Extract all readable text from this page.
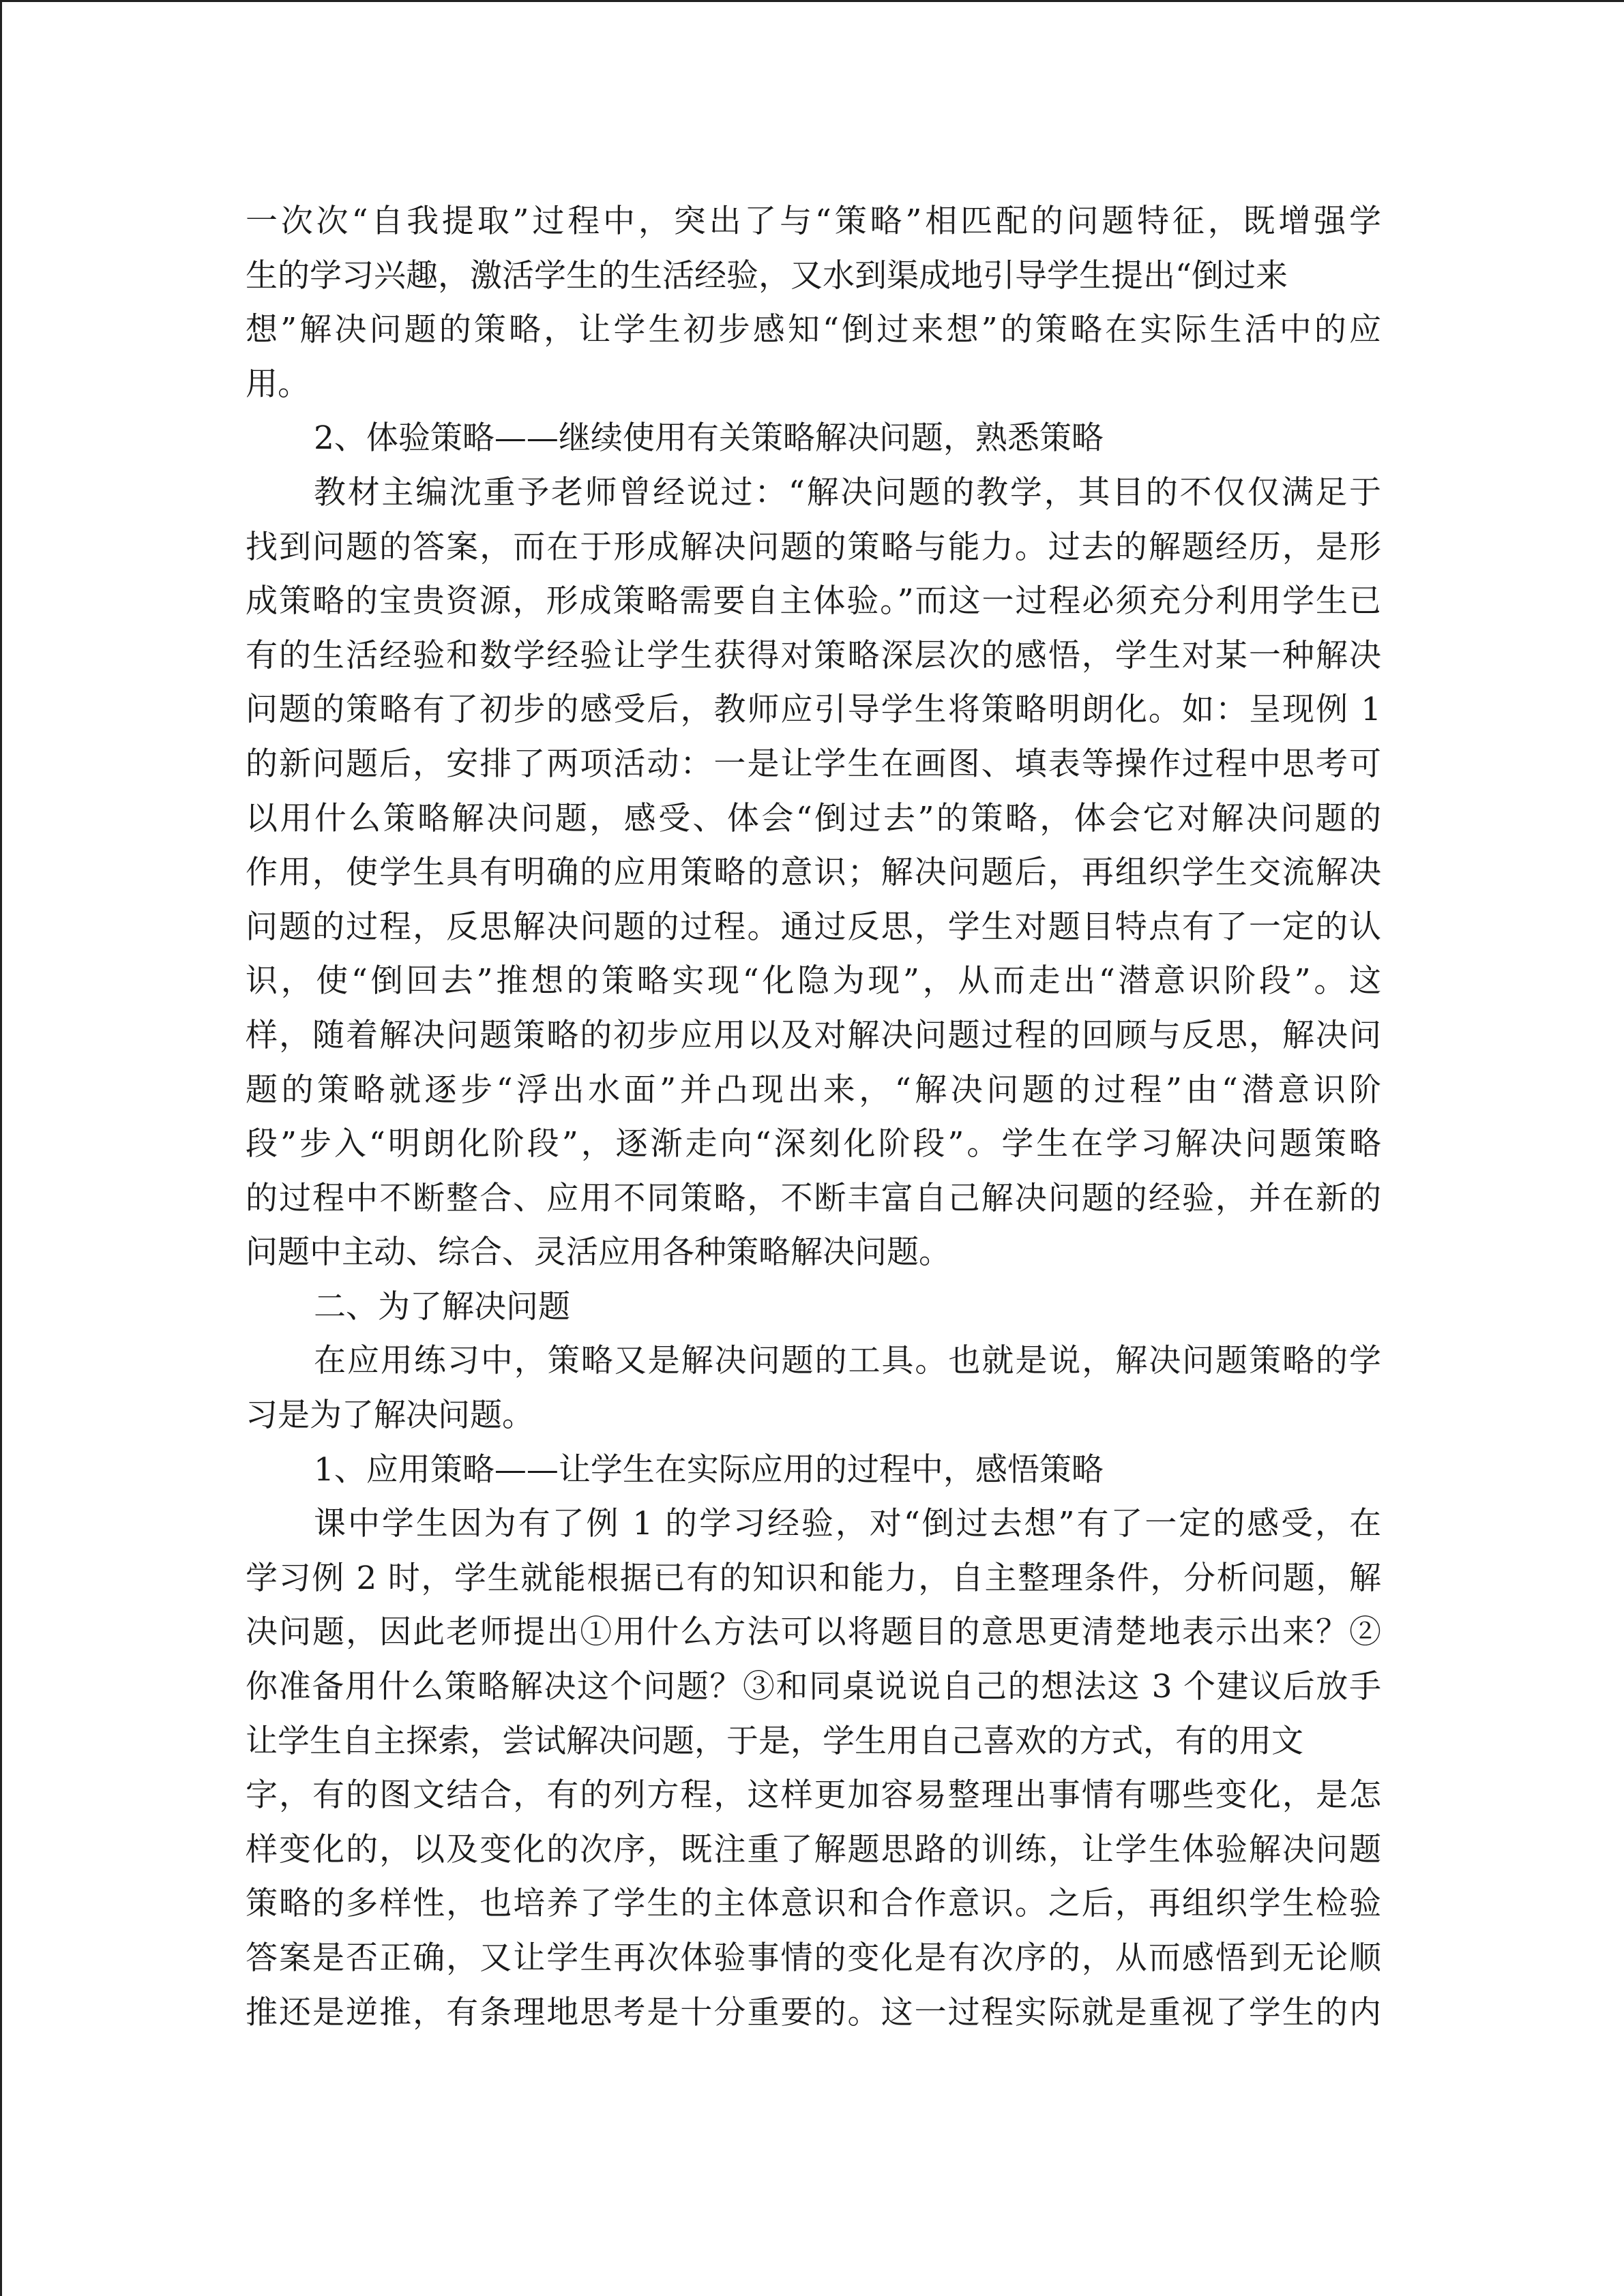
一次次“自我提取”过程中，突出了与“策略”相匹配的问题特征，既增强学
生的学习兴趣，激活学生的生活经验，又水到渠成地引导学生提出“倒过来
想”解决问题的策略，让学生初步感知“倒过来想”的策略在实际生活中的应
用。
2、体验策略——继续使用有关策略解决问题，熟悉策略
教材主编沈重予老师曾经说过：“解决问题的教学，其目的不仅仅满足于
找到问题的答案，而在于形成解决问题的策略与能力。过去的解题经历，是形
成策略的宝贵资源，形成策略需要自主体验。”而这一过程必须充分利用学生已
有的生活经验和数学经验让学生获得对策略深层次的感悟，学生对某一种解决
问题的策略有了初步的感受后，教师应引导学生将策略明朗化。如：呈现例 1
的新问题后，安排了两项活动：一是让学生在画图、填表等操作过程中思考可
以用什么策略解决问题，感受、体会“倒过去”的策略，体会它对解决问题的
作用，使学生具有明确的应用策略的意识；解决问题后，再组织学生交流解决
问题的过程，反思解决问题的过程。通过反思，学生对题目特点有了一定的认
识，使“倒回去”推想的策略实现“化隐为现”，从而走出“潜意识阶段”。这
样，随着解决问题策略的初步应用以及对解决问题过程的回顾与反思，解决问
题的策略就逐步“浮出水面”并凸现出来，“解决问题的过程”由“潜意识阶
段”步入“明朗化阶段”，逐渐走向“深刻化阶段”。学生在学习解决问题策略
的过程中不断整合、应用不同策略，不断丰富自己解决问题的经验，并在新的
问题中主动、综合、灵活应用各种策略解决问题。
二、为了解决问题
在应用练习中，策略又是解决问题的工具。也就是说，解决问题策略的学
习是为了解决问题。
1、应用策略——让学生在实际应用的过程中，感悟策略
课中学生因为有了例 1 的学习经验，对“倒过去想”有了一定的感受，在
学习例 2 时，学生就能根据已有的知识和能力，自主整理条件，分析问题，解
决问题，因此老师提出①用什么方法可以将题目的意思更清楚地表示出来？②
你准备用什么策略解决这个问题？③和同桌说说自己的想法这 3 个建议后放手
让学生自主探索，尝试解决问题，于是，学生用自己喜欢的方式，有的用文
字，有的图文结合，有的列方程，这样更加容易整理出事情有哪些变化，是怎
样变化的，以及变化的次序，既注重了解题思路的训练，让学生体验解决问题
策略的多样性，也培养了学生的主体意识和合作意识。之后，再组织学生检验
答案是否正确，又让学生再次体验事情的变化是有次序的，从而感悟到无论顺
推还是逆推，有条理地思考是十分重要的。这一过程实际就是重视了学生的内
